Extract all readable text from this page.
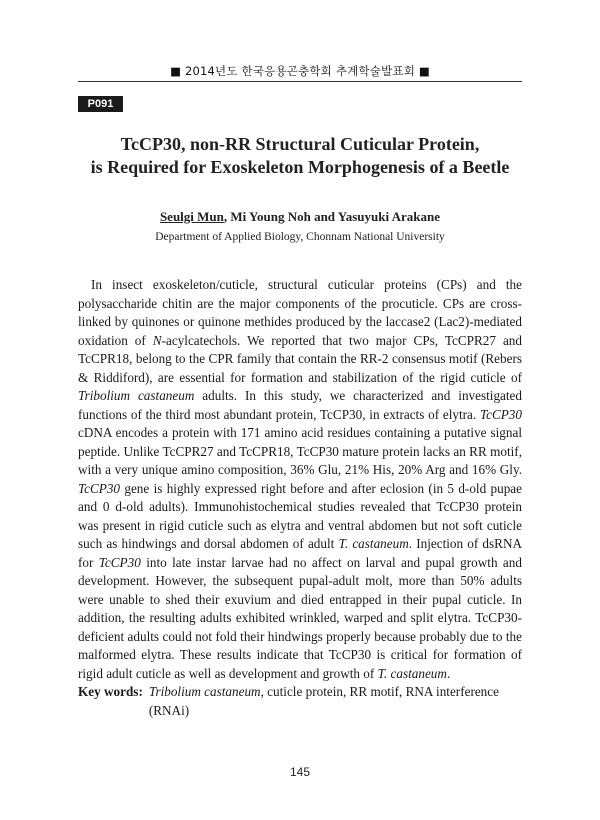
■ 2014년도 한국응용곤충학회 추계학술발표회 ■
P091
TcCP30, non-RR Structural Cuticular Protein,
is Required for Exoskeleton Morphogenesis of a Beetle
Seulgi Mun, Mi Young Noh and Yasuyuki Arakane
Department of Applied Biology, Chonnam National University

In insect exoskeleton/cuticle, structural cuticular proteins (CPs) and the polysaccharide chitin are the major components of the procuticle. CPs are cross-linked by quinones or quinone methides produced by the laccase2 (Lac2)-mediated oxidation of N-acylcatechols. We reported that two major CPs, TcCPR27 and TcCPR18, belong to the CPR family that contain the RR-2 consensus motif (Rebers & Riddiford), are essential for formation and stabilization of the rigid cuticle of Tribolium castaneum adults. In this study, we characterized and investigated functions of the third most abundant protein, TcCP30, in extracts of elytra. TcCP30 cDNA encodes a protein with 171 amino acid residues containing a putative signal peptide. Unlike TcCPR27 and TcCPR18, TcCP30 mature protein lacks an RR motif, with a very unique amino composition, 36% Glu, 21% His, 20% Arg and 16% Gly. TcCP30 gene is highly expressed right before and after eclosion (in 5 d-old pupae and 0 d-old adults). Immunohistochemical studies revealed that TcCP30 protein was present in rigid cuticle such as elytra and ventral abdomen but not soft cuticle such as hindwings and dorsal abdomen of adult T. castaneum. Injection of dsRNA for TcCP30 into late instar larvae had no affect on larval and pupal growth and development. However, the subsequent pupal-adult molt, more than 50% adults were unable to shed their exuvium and died entrapped in their pupal cuticle. In addition, the resulting adults exhibited wrinkled, warped and split elytra. TcCP30-deficient adults could not fold their hindwings properly because probably due to the malformed elytra. These results indicate that TcCP30 is critical for formation of rigid adult cuticle as well as development and growth of T. castaneum.

Key words: Tribolium castaneum, cuticle protein, RR motif, RNA interference (RNAi)
145
